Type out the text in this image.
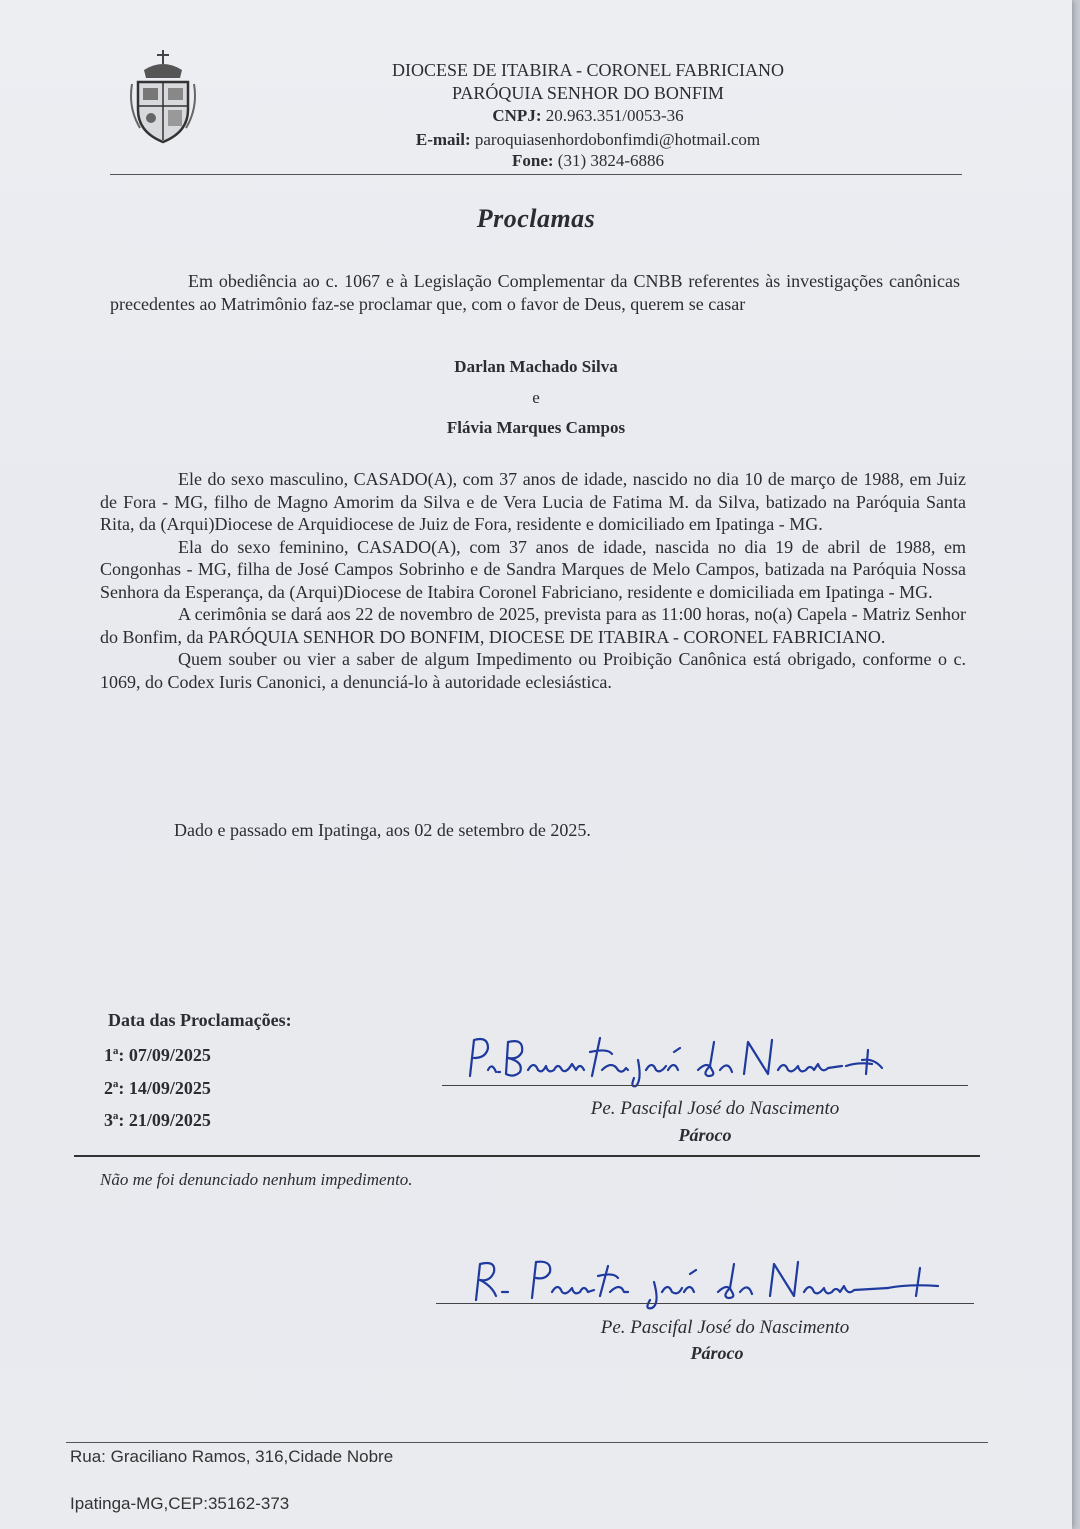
DIOCESE DE ITABIRA - CORONEL FABRICIANO
PARÓQUIA SENHOR DO BONFIM
CNPJ: 20.963.351/0053-36
E-mail: paroquiasenhordobonfimdi@hotmail.com
Fone: (31) 3824-6886
Proclamas
Em obediência ao c. 1067 e à Legislação Complementar da CNBB referentes às investigações canônicas precedentes ao Matrimônio faz-se proclamar que, com o favor de Deus, querem se casar
Darlan Machado Silva
e
Flávia Marques Campos

Ele do sexo masculino, CASADO(A), com 37 anos de idade, nascido no dia 10 de março de 1988, em Juiz de Fora - MG, filho de Magno Amorim da Silva e de Vera Lucia de Fatima M. da Silva, batizado na Paróquia Santa Rita, da (Arqui)Diocese de Arquidiocese de Juiz de Fora, residente e domiciliado em Ipatinga - MG.

Ela do sexo feminino, CASADO(A), com 37 anos de idade, nascida no dia 19 de abril de 1988, em Congonhas - MG, filha de José Campos Sobrinho e de Sandra Marques de Melo Campos, batizada na Paróquia Nossa Senhora da Esperança, da (Arqui)Diocese de Itabira Coronel Fabriciano, residente e domiciliada em Ipatinga - MG.

A cerimônia se dará aos 22 de novembro de 2025, prevista para as 11:00 horas, no(a) Capela - Matriz Senhor do Bonfim, da PARÓQUIA SENHOR DO BONFIM, DIOCESE DE ITABIRA - CORONEL FABRICIANO.

Quem souber ou vier a saber de algum Impedimento ou Proibição Canônica está obrigado, conforme o c. 1069, do Codex Iuris Canonici, a denunciá-lo à autoridade eclesiástica.

Dado e passado em Ipatinga, aos 02 de setembro de 2025.
Data das Proclamações:
1ª: 07/09/2025
2ª: 14/09/2025
3ª: 21/09/2025
Pe. Pascifal José do Nascimento
Pároco
Não me foi denunciado nenhum impedimento.
Pe. Pascifal José do Nascimento
Pároco
Rua: Graciliano Ramos, 316,Cidade Nobre
Ipatinga-MG,CEP:35162-373
